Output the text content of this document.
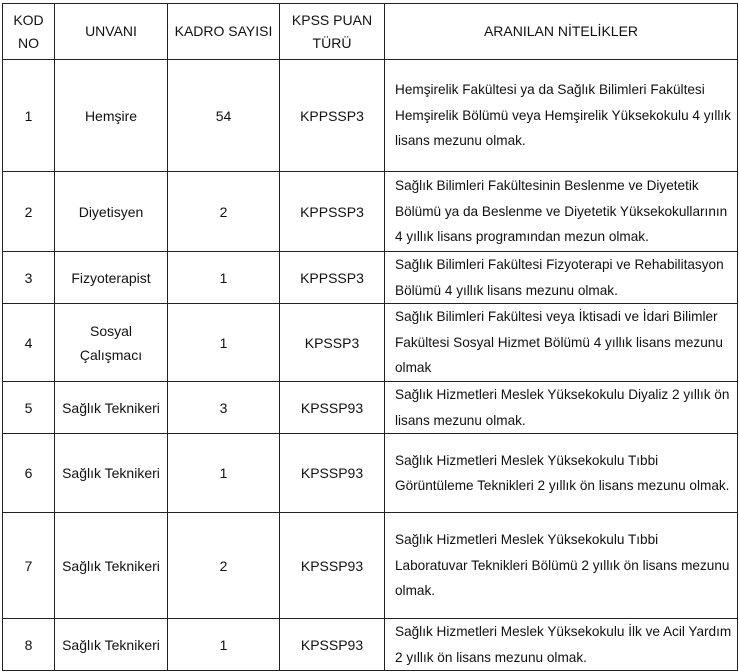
KOD NO	UNVANI	KADRO SAYISI	KPSS PUAN TÜRÜ	ARANILAN NİTELİKLER
1	Hemşire	54	KPPSSP3	Hemşirelik Fakültesi ya da Sağlık Bilimleri Fakültesi Hemşirelik Bölümü veya Hemşirelik Yüksekokulu 4 yıllık lisans mezunu olmak.
2	Diyetisyen	2	KPPSSP3	Sağlık Bilimleri Fakültesinin Beslenme ve Diyetetik Bölümü ya da Beslenme ve Diyetetik Yüksekokullarının 4 yıllık lisans programından mezun olmak.
3	Fizyoterapist	1	KPPSSP3	Sağlık Bilimleri Fakültesi Fizyoterapi ve Rehabilitasyon Bölümü 4 yıllık lisans mezunu olmak.
4	Sosyal Çalışmacı	1	KPSSP3	Sağlık Bilimleri Fakültesi veya İktisadi ve İdari Bilimler Fakültesi Sosyal Hizmet Bölümü 4 yıllık lisans mezunu olmak
5	Sağlık Teknikeri	3	KPSSP93	Sağlık Hizmetleri Meslek Yüksekokulu Diyaliz 2 yıllık ön lisans mezunu olmak.
6	Sağlık Teknikeri	1	KPSSP93	Sağlık Hizmetleri Meslek Yüksekokulu Tıbbi Görüntüleme Teknikleri 2 yıllık ön lisans mezunu olmak.
7	Sağlık Teknikeri	2	KPSSP93	Sağlık Hizmetleri Meslek Yüksekokulu Tıbbi Laboratuvar Teknikleri Bölümü 2 yıllık ön lisans mezunu olmak.
8	Sağlık Teknikeri	1	KPSSP93	Sağlık Hizmetleri Meslek Yüksekokulu İlk ve Acil Yardım 2 yıllık ön lisans mezunu olmak.
